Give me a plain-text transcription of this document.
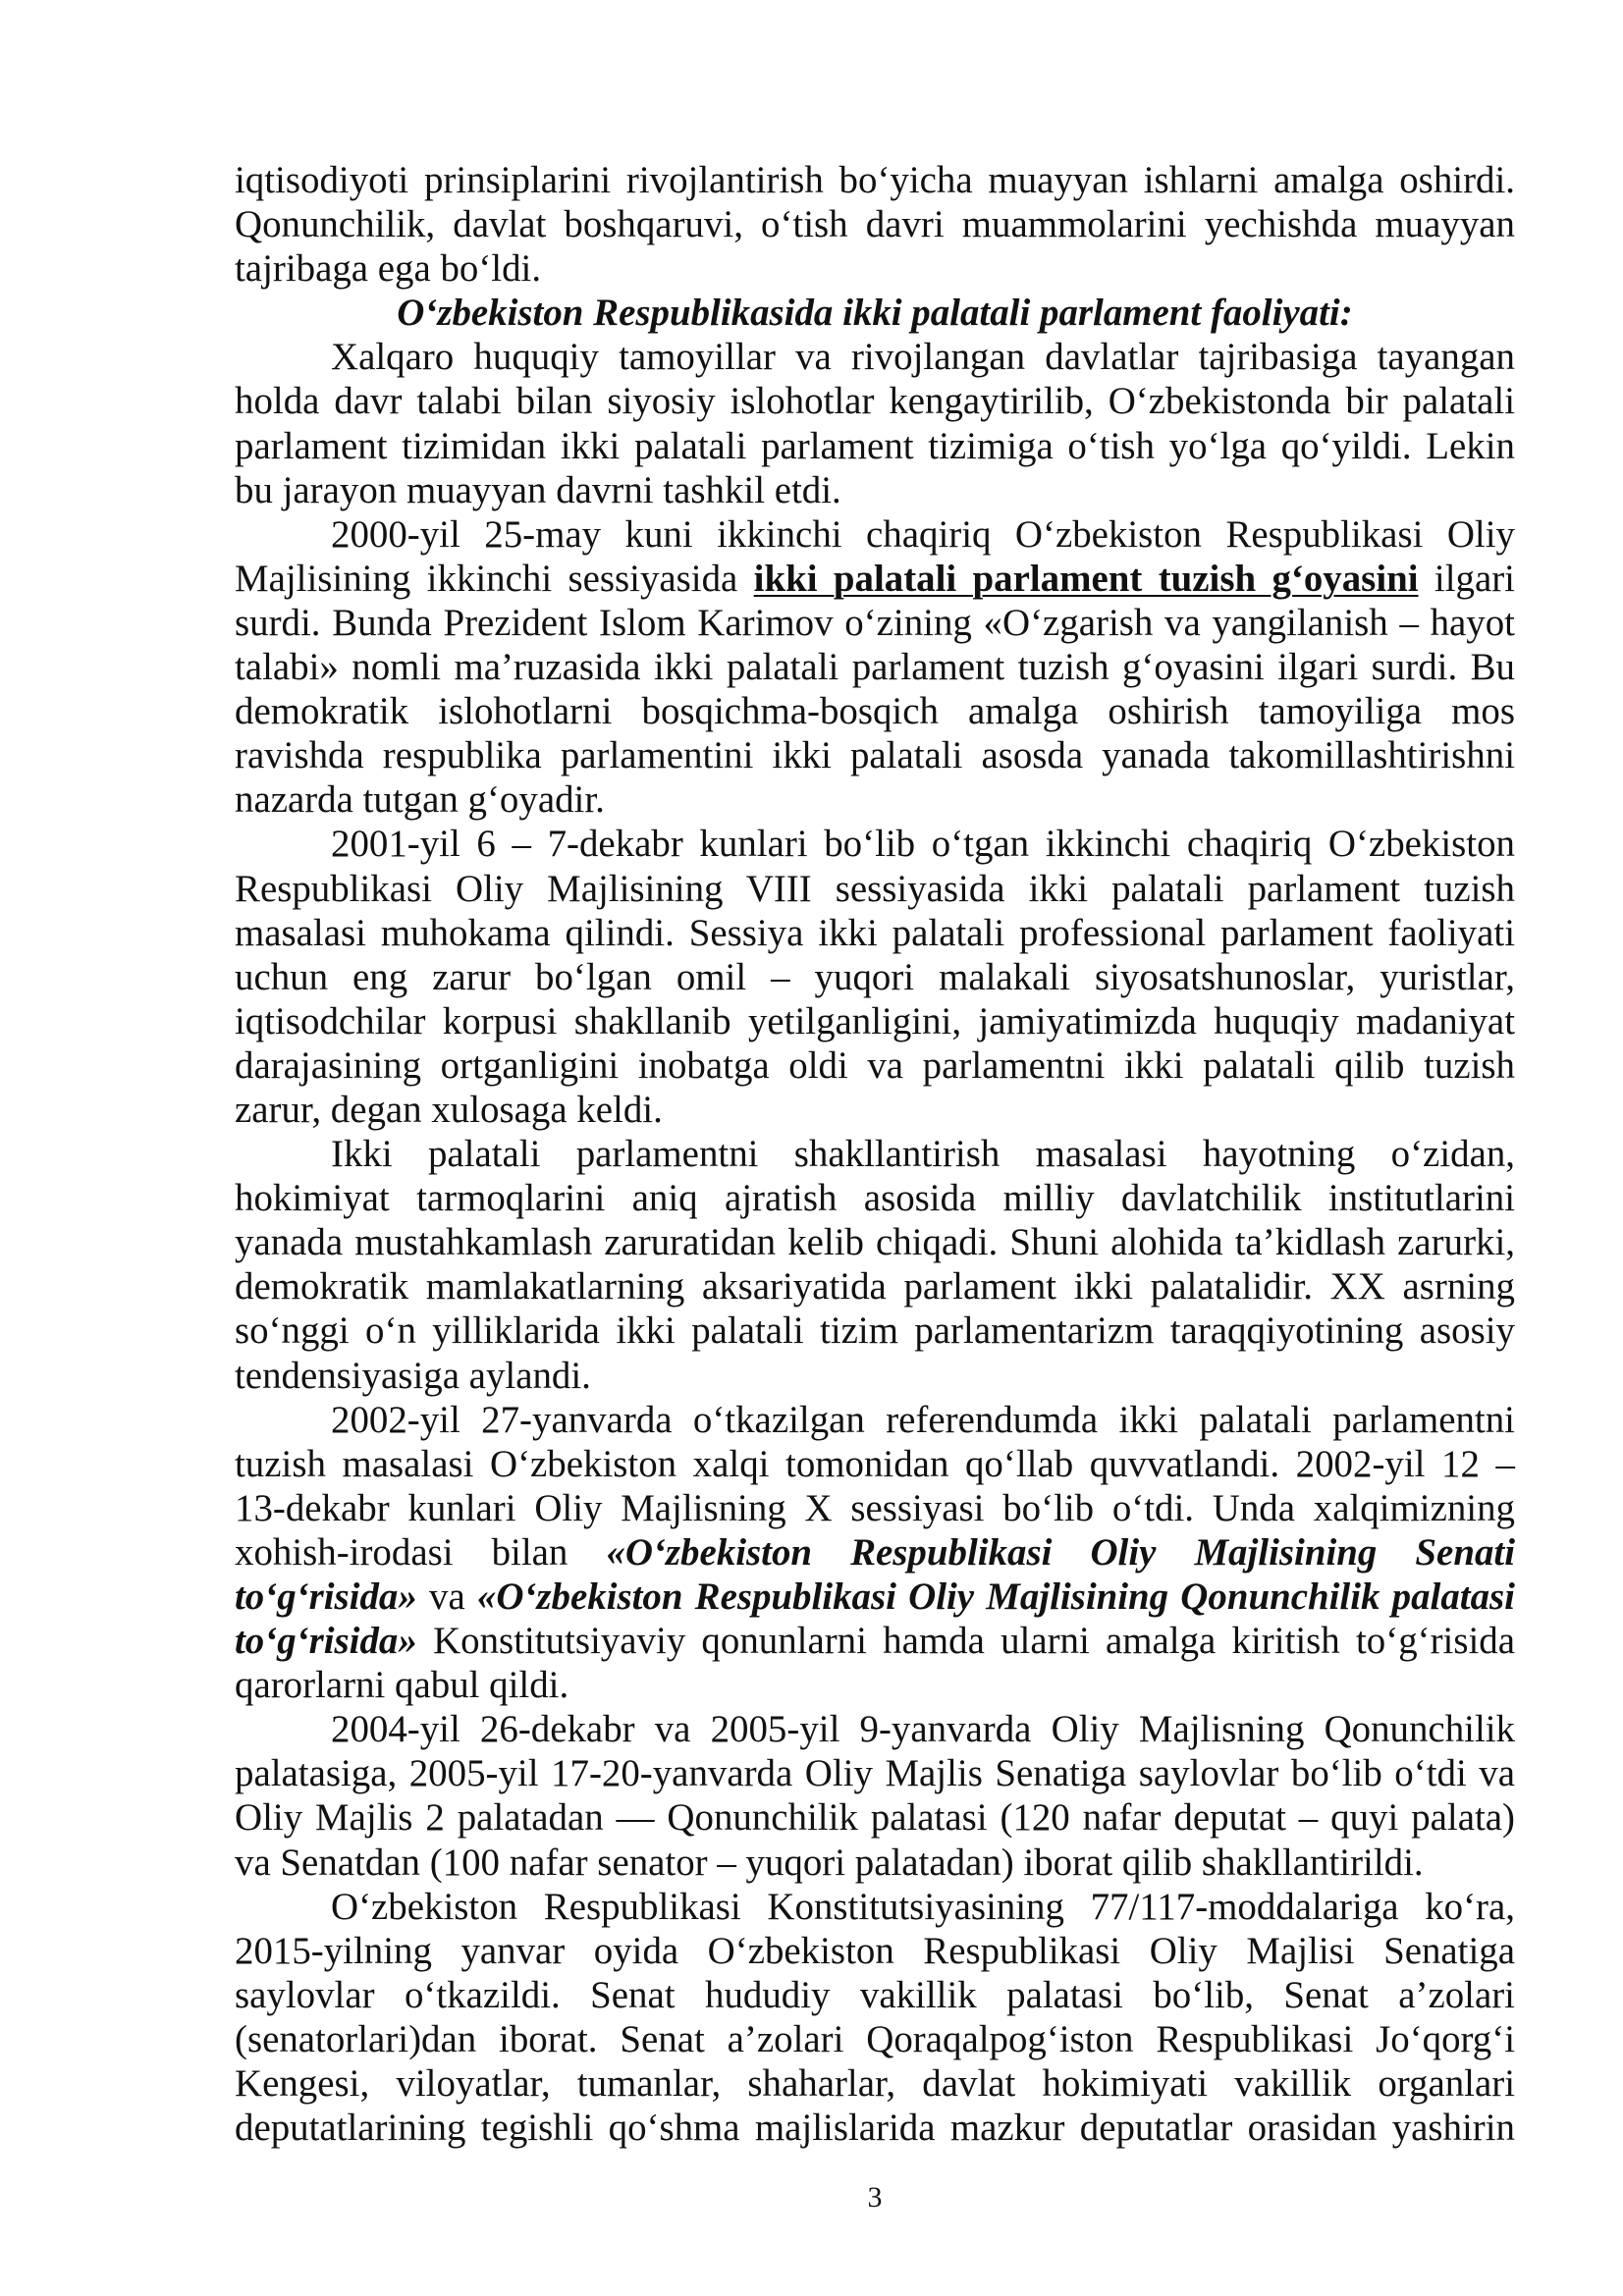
iqtisodiyoti prinsiplarini rivojlantirish bo‘yicha muayyan ishlarni amalga oshirdi.
Qonunchilik, davlat boshqaruvi, o‘tish davri muammolarini yechishda muayyan
tajribaga ega bo‘ldi.
O‘zbekiston Respublikasida ikki palatali parlament faoliyati:
Xalqaro huquqiy tamoyillar va rivojlangan davlatlar tajribasiga tayangan
holda davr talabi bilan siyosiy islohotlar kengaytirilib, O‘zbekistonda bir palatali
parlament tizimidan ikki palatali parlament tizimiga o‘tish yo‘lga qo‘yildi. Lekin
bu jarayon muayyan davrni tashkil etdi.
2000-yil 25-may kuni ikkinchi chaqiriq O‘zbekiston Respublikasi Oliy
Majlisining ikkinchi sessiyasida ikki palatali parlament tuzish g‘oyasini ilgari
surdi. Bunda Prezident Islom Karimov o‘zining «O‘zgarish va yangilanish – hayot
talabi» nomli ma’ruzasida ikki palatali parlament tuzish g‘oyasini ilgari surdi. Bu
demokratik islohotlarni bosqichma-bosqich amalga oshirish tamoyiliga mos
ravishda respublika parlamentini ikki palatali asosda yanada takomillashtirishni
nazarda tutgan g‘oyadir.
2001-yil 6 – 7-dekabr kunlari bo‘lib o‘tgan ikkinchi chaqiriq O‘zbekiston
Respublikasi Oliy Majlisining VIII sessiyasida ikki palatali parlament tuzish
masalasi muhokama qilindi. Sessiya ikki palatali professional parlament faoliyati
uchun eng zarur bo‘lgan omil – yuqori malakali siyosatshunoslar, yuristlar,
iqtisodchilar korpusi shakllanib yetilganligini, jamiyatimizda huquqiy madaniyat
darajasining ortganligini inobatga oldi va parlamentni ikki palatali qilib tuzish
zarur, degan xulosaga keldi.
Ikki palatali parlamentni shakllantirish masalasi hayotning o‘zidan,
hokimiyat tarmoqlarini aniq ajratish asosida milliy davlatchilik institutlarini
yanada mustahkamlash zaruratidan kelib chiqadi. Shuni alohida ta’kidlash zarurki,
demokratik mamlakatlarning aksariyatida parlament ikki palatalidir. XX asrning
so‘nggi o‘n yilliklarida ikki palatali tizim parlamentarizm taraqqiyotining asosiy
tendensiyasiga aylandi.
2002-yil 27-yanvarda o‘tkazilgan referendumda ikki palatali parlamentni
tuzish masalasi O‘zbekiston xalqi tomonidan qo‘llab quvvatlandi. 2002-yil 12 –
13-dekabr kunlari Oliy Majlisning X sessiyasi bo‘lib o‘tdi. Unda xalqimizning
xohish-irodasi bilan «O‘zbekiston Respublikasi Oliy Majlisining Senati
to‘g‘risida» va «O‘zbekiston Respublikasi Oliy Majlisining Qonunchilik palatasi
to‘g‘risida» Konstitutsiyaviy qonunlarni hamda ularni amalga kiritish to‘g‘risida
qarorlarni qabul qildi.
2004-yil 26-dekabr va 2005-yil 9-yanvarda Oliy Majlisning Qonunchilik
palatasiga, 2005-yil 17-20-yanvarda Oliy Majlis Senatiga saylovlar bo‘lib o‘tdi va
Oliy Majlis 2 palatadan — Qonunchilik palatasi (120 nafar deputat – quyi palata)
va Senatdan (100 nafar senator – yuqori palatadan) iborat qilib shakllantirildi.
O‘zbekiston Respublikasi Konstitutsiyasining 77/117-moddalariga ko‘ra,
2015-yilning yanvar oyida O‘zbekiston Respublikasi Oliy Majlisi Senatiga
saylovlar o‘tkazildi. Senat hududiy vakillik palatasi bo‘lib, Senat a’zolari
(senatorlari)dan iborat. Senat a’zolari Qoraqalpog‘iston Respublikasi Jo‘qorg‘i
Kengesi, viloyatlar, tumanlar, shaharlar, davlat hokimiyati vakillik organlari
deputatlarining tegishli qo‘shma majlislarida mazkur deputatlar orasidan yashirin
3
